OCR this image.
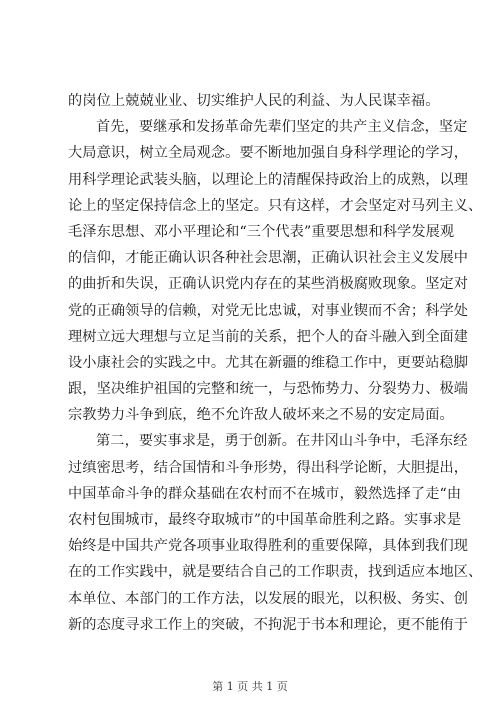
的岗位上兢兢业业、切实维护人民的利益、为人民谋幸福。
首先，要继承和发扬革命先辈们坚定的共产主义信念，坚定
大局意识，树立全局观念。要不断地加强自身科学理论的学习，
用科学理论武装头脑，以理论上的清醒保持政治上的成熟，以理
论上的坚定保持信念上的坚定。只有这样，才会坚定对马列主义、
毛泽东思想、邓小平理论和“三个代表”重要思想和科学发展观
的信仰，才能正确认识各种社会思潮，正确认识社会主义发展中
的曲折和失误，正确认识党内存在的某些消极腐败现象。坚定对
党的正确领导的信赖，对党无比忠诚，对事业锲而不舍；科学处
理树立远大理想与立足当前的关系，把个人的奋斗融入到全面建
设小康社会的实践之中。尤其在新疆的维稳工作中，更要站稳脚
跟，坚决维护祖国的完整和统一，与恐怖势力、分裂势力、极端
宗教势力斗争到底，绝不允许敌人破坏来之不易的安定局面。
第二，要实事求是，勇于创新。在井冈山斗争中，毛泽东经
过缜密思考，结合国情和斗争形势，得出科学论断，大胆提出，
中国革命斗争的群众基础在农村而不在城市，毅然选择了走“由
农村包围城市，最终夺取城市”的中国革命胜利之路。实事求是
始终是中国共产党各项事业取得胜利的重要保障，具体到我们现
在的工作实践中，就是要结合自己的工作职责，找到适应本地区、
本单位、本部门的工作方法，以发展的眼光，以积极、务实、创
新的态度寻求工作上的突破，不拘泥于书本和理论，更不能侑于
第 1 页 共 1 页
